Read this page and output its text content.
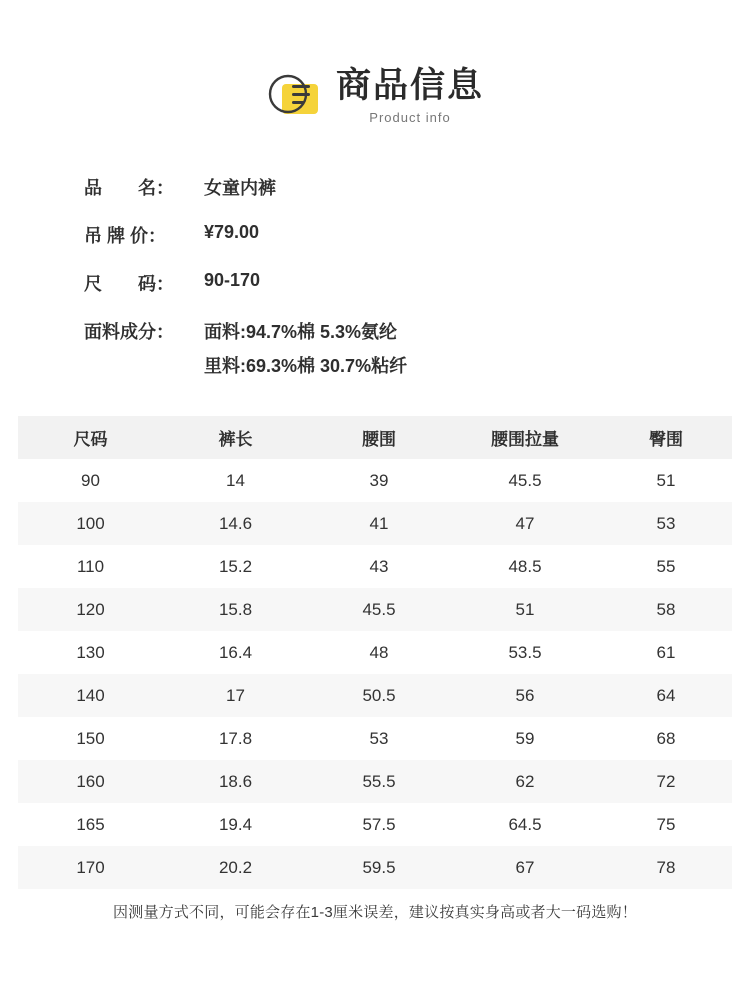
商品信息
Product info
品　　名：	女童内裤
吊 牌 价：	¥79.00
尺　　码：	90-170
面料成分：	面料:94.7%棉 5.3%氨纶
里料:69.3%棉 30.7%粘纤
尺码	裤长	腰围	腰围拉量	臀围
90	14	39	45.5	51
100	14.6	41	47	53
110	15.2	43	48.5	55
120	15.8	45.5	51	58
130	16.4	48	53.5	61
140	17	50.5	56	64
150	17.8	53	59	68
160	18.6	55.5	62	72
165	19.4	57.5	64.5	75
170	20.2	59.5	67	78
因测量方式不同，可能会存在1-3厘米误差，建议按真实身高或者大一码选购！
